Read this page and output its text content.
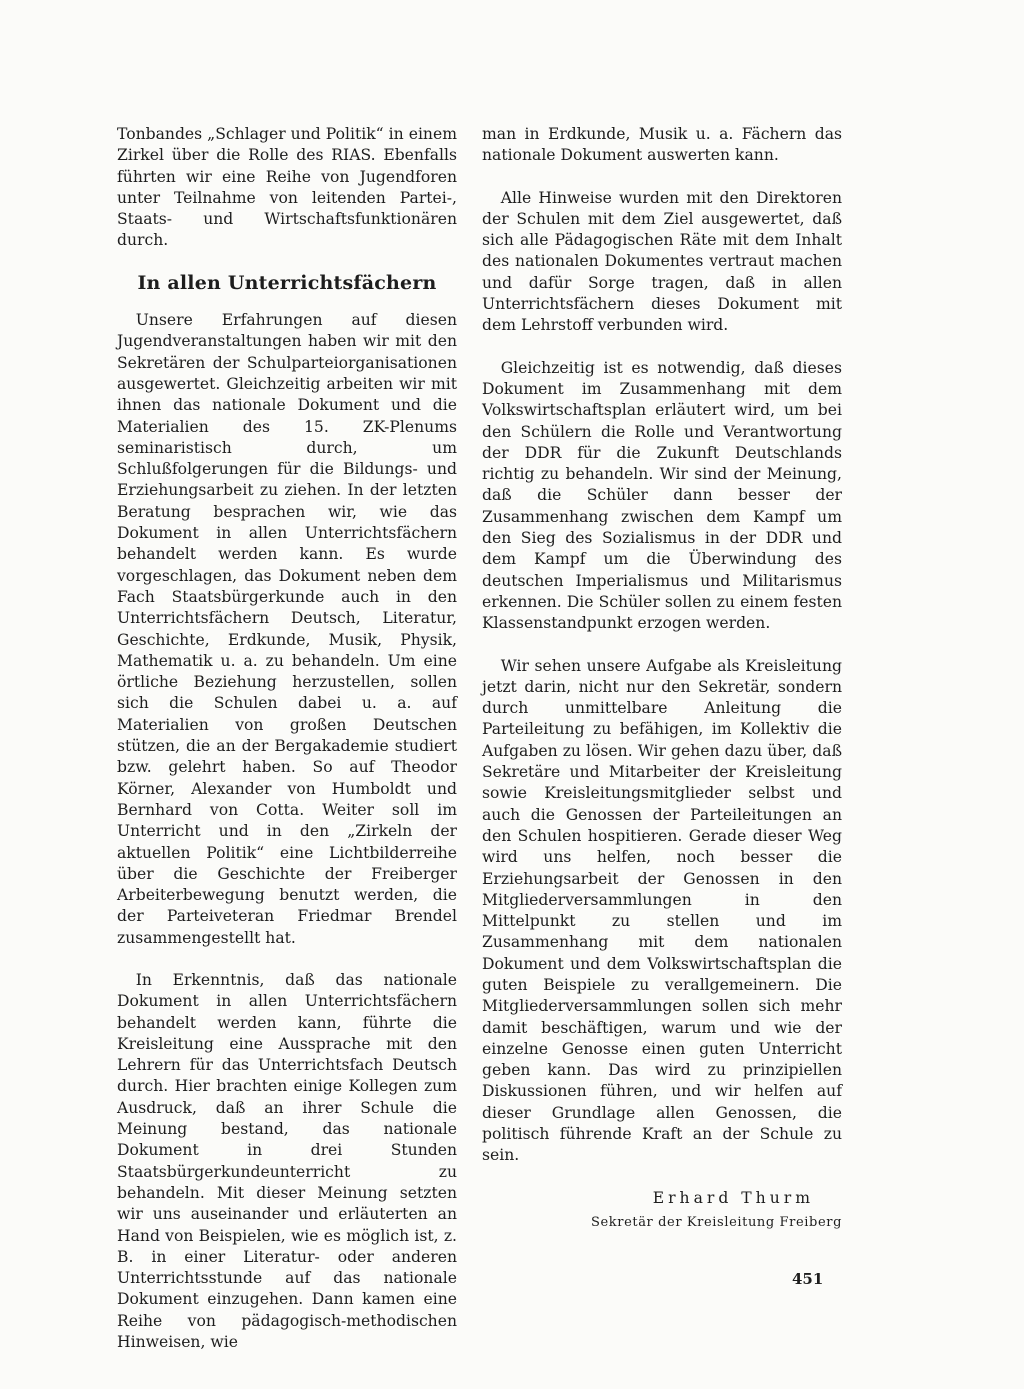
Tonbandes „Schlager und Politik“ in einem Zirkel über die Rolle des RIAS. Ebenfalls führten wir eine Reihe von Jugendforen unter Teilnahme von leitenden Partei-, Staats- und Wirtschaftsfunktionären durch.

In allen Unterrichtsfächern

Unsere Erfahrungen auf diesen Jugendveranstaltungen haben wir mit den Sekretären der Schulparteiorganisationen ausgewertet. Gleichzeitig arbeiten wir mit ihnen das nationale Dokument und die Materialien des 15. ZK-Plenums seminaristisch durch, um Schlußfolgerungen für die Bildungs- und Erziehungsarbeit zu ziehen. In der letzten Beratung besprachen wir, wie das Dokument in allen Unterrichtsfächern behandelt werden kann. Es wurde vorgeschlagen, das Dokument neben dem Fach Staatsbürgerkunde auch in den Unterrichtsfächern Deutsch, Literatur, Geschichte, Erdkunde, Musik, Physik, Mathematik u. a. zu behandeln. Um eine örtliche Beziehung herzustellen, sollen sich die Schulen dabei u. a. auf Materialien von großen Deutschen stützen, die an der Bergakademie studiert bzw. gelehrt haben. So auf Theodor Körner, Alexander von Humboldt und Bernhard von Cotta. Weiter soll im Unterricht und in den „Zirkeln der aktuellen Politik“ eine Lichtbilderreihe über die Geschichte der Freiberger Arbeiterbewegung benutzt werden, die der Parteiveteran Friedmar Brendel zusammengestellt hat.

In Erkenntnis, daß das nationale Dokument in allen Unterrichtsfächern behandelt werden kann, führte die Kreisleitung eine Aussprache mit den Lehrern für das Unterrichtsfach Deutsch durch. Hier brachten einige Kollegen zum Ausdruck, daß an ihrer Schule die Meinung bestand, das nationale Dokument in drei Stunden Staatsbürgerkundeunterricht zu behandeln. Mit dieser Meinung setzten wir uns auseinander und erläuterten an Hand von Beispielen, wie es möglich ist, z. B. in einer Literatur- oder anderen Unterrichtsstunde auf das nationale Dokument einzugehen. Dann kamen eine Reihe von pädagogisch-methodischen Hinweisen, wie

man in Erdkunde, Musik u. a. Fächern das nationale Dokument auswerten kann.

Alle Hinweise wurden mit den Direktoren der Schulen mit dem Ziel ausgewertet, daß sich alle Pädagogischen Räte mit dem Inhalt des nationalen Dokumentes vertraut machen und dafür Sorge tragen, daß in allen Unterrichtsfächern dieses Dokument mit dem Lehrstoff verbunden wird.

Gleichzeitig ist es notwendig, daß dieses Dokument im Zusammenhang mit dem Volkswirtschaftsplan erläutert wird, um bei den Schülern die Rolle und Verantwortung der DDR für die Zukunft Deutschlands richtig zu behandeln. Wir sind der Meinung, daß die Schüler dann besser der Zusammenhang zwischen dem Kampf um den Sieg des Sozialismus in der DDR und dem Kampf um die Überwindung des deutschen Imperialismus und Militarismus erkennen. Die Schüler sollen zu einem festen Klassenstandpunkt erzogen werden.

Wir sehen unsere Aufgabe als Kreisleitung jetzt darin, nicht nur den Sekretär, sondern durch unmittelbare Anleitung die Parteileitung zu befähigen, im Kollektiv die Aufgaben zu lösen. Wir gehen dazu über, daß Sekretäre und Mitarbeiter der Kreisleitung sowie Kreisleitungsmitglieder selbst und auch die Genossen der Parteileitungen an den Schulen hospitieren. Gerade dieser Weg wird uns helfen, noch besser die Erziehungsarbeit der Genossen in den Mitgliederversammlungen in den Mittelpunkt zu stellen und im Zusammenhang mit dem nationalen Dokument und dem Volkswirtschaftsplan die guten Beispiele zu verallgemeinern. Die Mitgliederversammlungen sollen sich mehr damit beschäftigen, warum und wie der einzelne Genosse einen guten Unterricht geben kann. Das wird zu prinzipiellen Diskussionen führen, und wir helfen auf dieser Grundlage allen Genossen, die politisch führende Kraft an der Schule zu sein.

Erhard Thurm
Sekretär der Kreisleitung Freiberg
451
